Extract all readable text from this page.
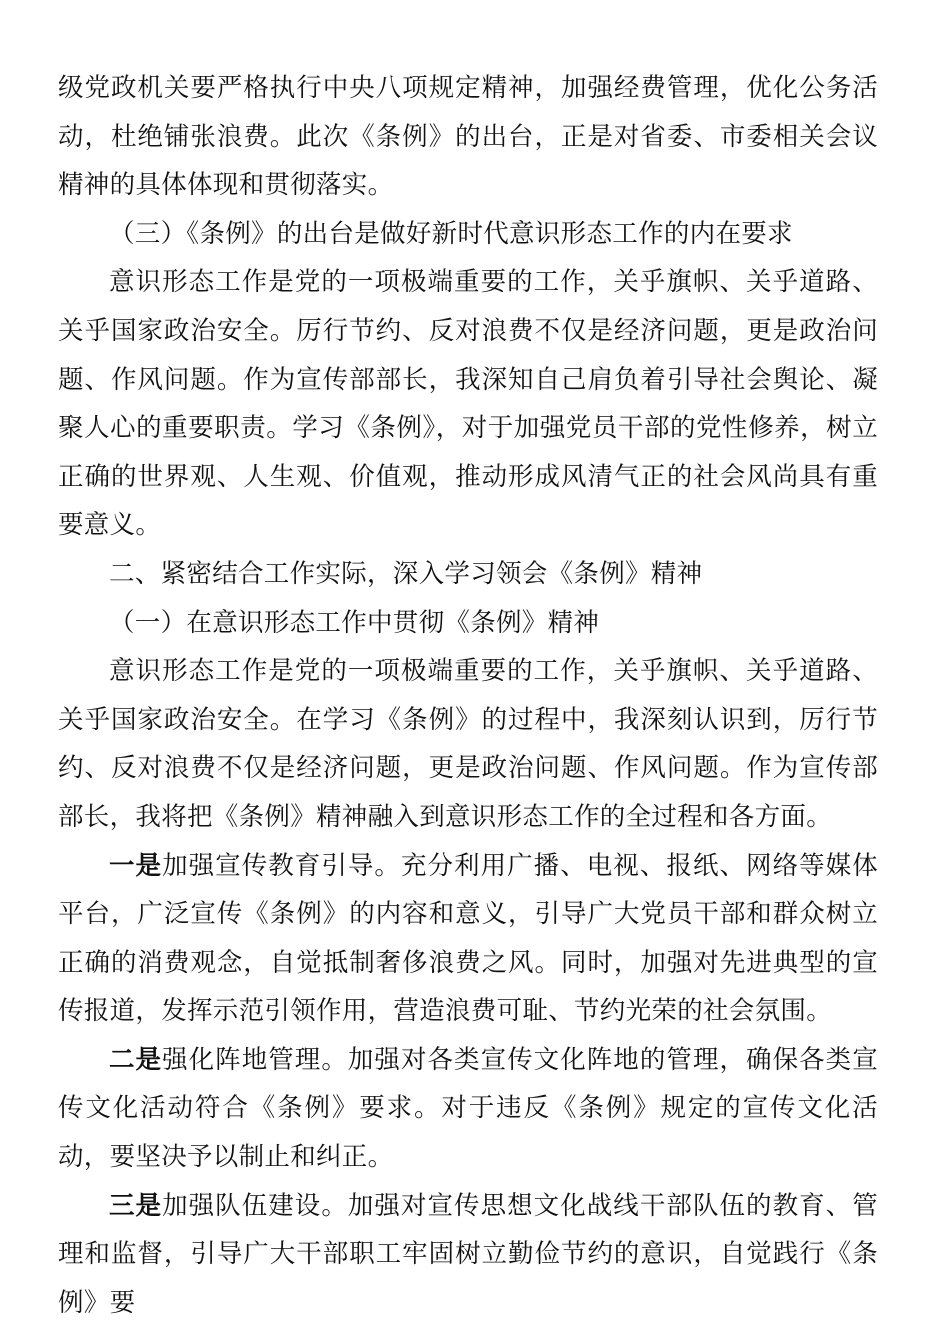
级党政机关要严格执行中央八项规定精神，加强经费管理，优化公务活动，杜绝铺张浪费。此次《条例》的出台，正是对省委、市委相关会议精神的具体体现和贯彻落实。

（三）《条例》的出台是做好新时代意识形态工作的内在要求

意识形态工作是党的一项极端重要的工作，关乎旗帜、关乎道路、关乎国家政治安全。厉行节约、反对浪费不仅是经济问题，更是政治问题、作风问题。作为宣传部部长，我深知自己肩负着引导社会舆论、凝聚人心的重要职责。学习《条例》，对于加强党员干部的党性修养，树立正确的世界观、人生观、价值观，推动形成风清气正的社会风尚具有重要意义。

二、紧密结合工作实际，深入学习领会《条例》精神

（一）在意识形态工作中贯彻《条例》精神

意识形态工作是党的一项极端重要的工作，关乎旗帜、关乎道路、关乎国家政治安全。在学习《条例》的过程中，我深刻认识到，厉行节约、反对浪费不仅是经济问题，更是政治问题、作风问题。作为宣传部部长，我将把《条例》精神融入到意识形态工作的全过程和各方面。

一是加强宣传教育引导。充分利用广播、电视、报纸、网络等媒体平台，广泛宣传《条例》的内容和意义，引导广大党员干部和群众树立正确的消费观念，自觉抵制奢侈浪费之风。同时，加强对先进典型的宣传报道，发挥示范引领作用，营造浪费可耻、节约光荣的社会氛围。

二是强化阵地管理。加强对各类宣传文化阵地的管理，确保各类宣传文化活动符合《条例》要求。对于违反《条例》规定的宣传文化活动，要坚决予以制止和纠正。

三是加强队伍建设。加强对宣传思想文化战线干部队伍的教育、管理和监督，引导广大干部职工牢固树立勤俭节约的意识，自觉践行《条例》要
